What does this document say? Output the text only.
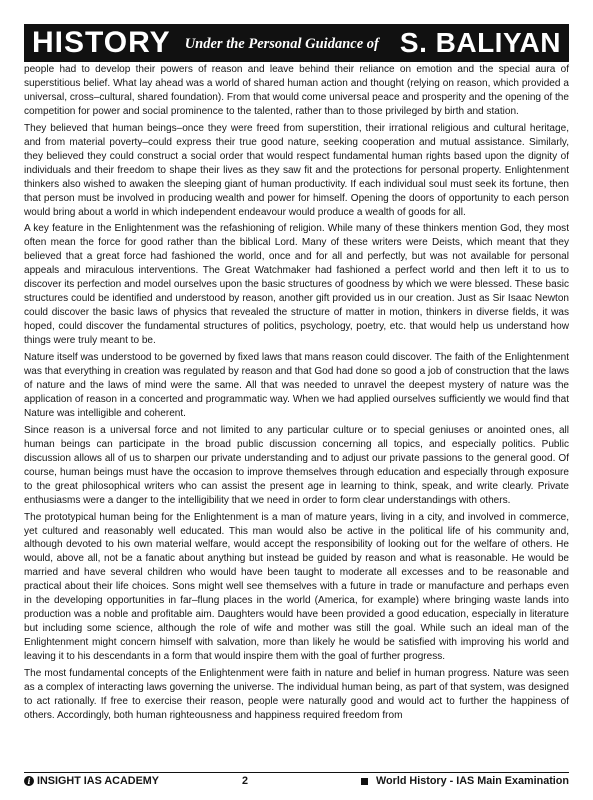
HISTORY Under the Personal Guidance of S. BALIYAN

people had to develop their powers of reason and leave behind their reliance on emotion and the special aura of superstitious belief. What lay ahead was a world of shared human action and thought (relying on reason, which provided a universal, cross–cultural, shared foundation). From that would come universal peace and prosperity and the opening of the competition for power and social prominence to the talented, rather than to those privileged by birth and station.

They believed that human beings–once they were freed from superstition, their irrational religious and cultural heritage, and from material poverty–could express their true good nature, seeking cooperation and mutual assistance. Similarly, they believed they could construct a social order that would respect fundamental human rights based upon the dignity of individuals and their freedom to shape their lives as they saw fit and the protections for personal property. Enlightenment thinkers also wished to awaken the sleeping giant of human productivity. If each individual soul must seek its fortune, then that person must be involved in producing wealth and power for himself. Opening the doors of opportunity to each person would bring about a world in which independent endeavour would produce a wealth of goods for all.

A key feature in the Enlightenment was the refashioning of religion. While many of these thinkers mention God, they most often mean the force for good rather than the biblical Lord. Many of these writers were Deists, which meant that they believed that a great force had fashioned the world, once and for all and perfectly, but was not available for personal appeals and miraculous interventions. The Great Watchmaker had fashioned a perfect world and then left it to us to discover its perfection and model ourselves upon the basic structures of goodness by which we were blessed. These basic structures could be identified and understood by reason, another gift provided us in our creation. Just as Sir Isaac Newton could discover the basic laws of physics that revealed the structure of matter in motion, thinkers in diverse fields, it was hoped, could discover the fundamental structures of politics, psychology, poetry, etc. that would help us understand how things were truly meant to be.

Nature itself was understood to be governed by fixed laws that mans reason could discover. The faith of the Enlightenment was that everything in creation was regulated by reason and that God had done so good a job of construction that the laws of nature and the laws of mind were the same. All that was needed to unravel the deepest mystery of nature was the application of reason in a concerted and programmatic way. When we had applied ourselves sufficiently we would find that Nature was intelligible and coherent.

Since reason is a universal force and not limited to any particular culture or to special geniuses or anointed ones, all human beings can participate in the broad public discussion concerning all topics, and especially politics. Public discussion allows all of us to sharpen our private understanding and to adjust our private passions to the general good. Of course, human beings must have the occasion to improve themselves through education and especially through exposure to the great philosophical writers who can assist the present age in learning to think, speak, and write clearly. Private enthusiasms were a danger to the intelligibility that we need in order to form clear understandings with others.

The prototypical human being for the Enlightenment is a man of mature years, living in a city, and involved in commerce, yet cultured and reasonably well educated. This man would also be active in the political life of his community and, although devoted to his own material welfare, would accept the responsibility of looking out for the welfare of others. He would, above all, not be a fanatic about anything but instead be guided by reason and what is reasonable. He would be married and have several children who would have been taught to moderate all excesses and to be reasonable and practical about their life choices. Sons might well see themselves with a future in trade or manufacture and perhaps even in the developing opportunities in far–flung places in the world (America, for example) where bringing waste lands into production was a noble and profitable aim. Daughters would have been provided a good education, especially in literature but including some science, although the role of wife and mother was still the goal. While such an ideal man of the Enlightenment might concern himself with salvation, more than likely he would be satisfied with improving his world and leaving it to his descendants in a form that would inspire them with the goal of further progress.

The most fundamental concepts of the Enlightenment were faith in nature and belief in human progress. Nature was seen as a complex of interacting laws governing the universe. The individual human being, as part of that system, was designed to act rationally. If free to exercise their reason, people were naturally good and would act to further the happiness of others. Accordingly, both human righteousness and happiness required freedom from

i INSIGHT IAS ACADEMY	2	World History - IAS Main Examination
